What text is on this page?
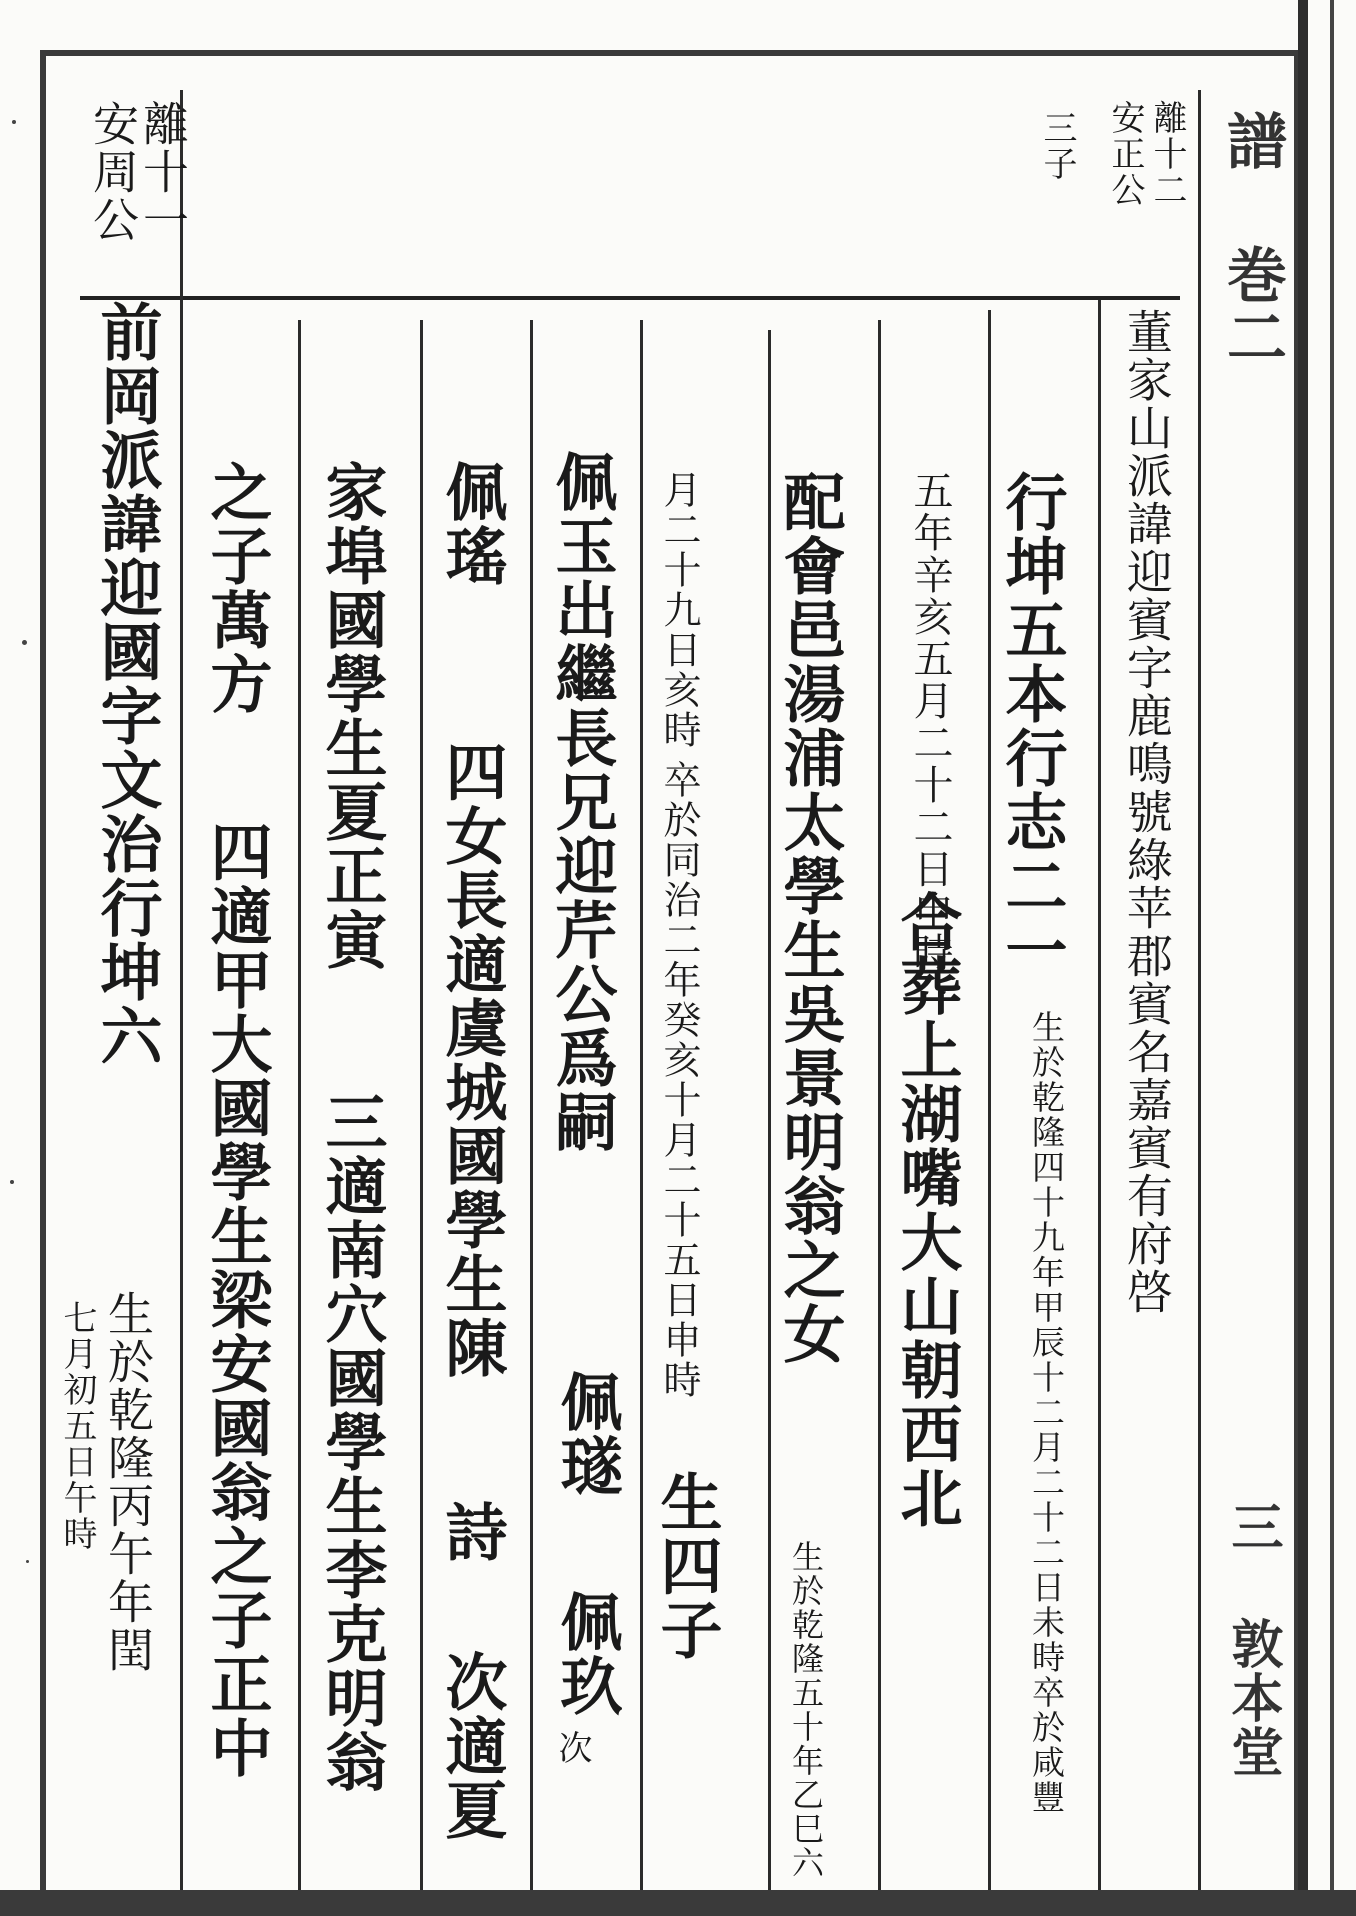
譜 巻二
三 敦本堂
離十二
安正公
三子
離十一
安周公
董家山派諱迎賓字鹿鳴號綠苹郡賓名嘉賓有府啓
行坤五本行志二一
生於乾隆四十九年甲辰十二月二十二日未時卒於咸豐
五年辛亥五月二十二日申時
合葬上湖嘴大山朝西北
配會邑湯浦太學生吳景明翁之女
生於乾隆五十年乙巳六
月二十九日亥時
卒於同治二年癸亥十月二十五日申時
生四子
佩玉出繼長兄迎芹公爲嗣
佩璲
佩玖
次
佩瑤
四女長適虞城國學生陳
詩
次適夏
家埠國學生夏正寅
三適南穴國學生李克明翁
之子萬方
四適甲大國學生梁安國翁之子正中
前岡派諱迎國字文治行坤六
生於乾隆丙午年閏
七月初五日午時
